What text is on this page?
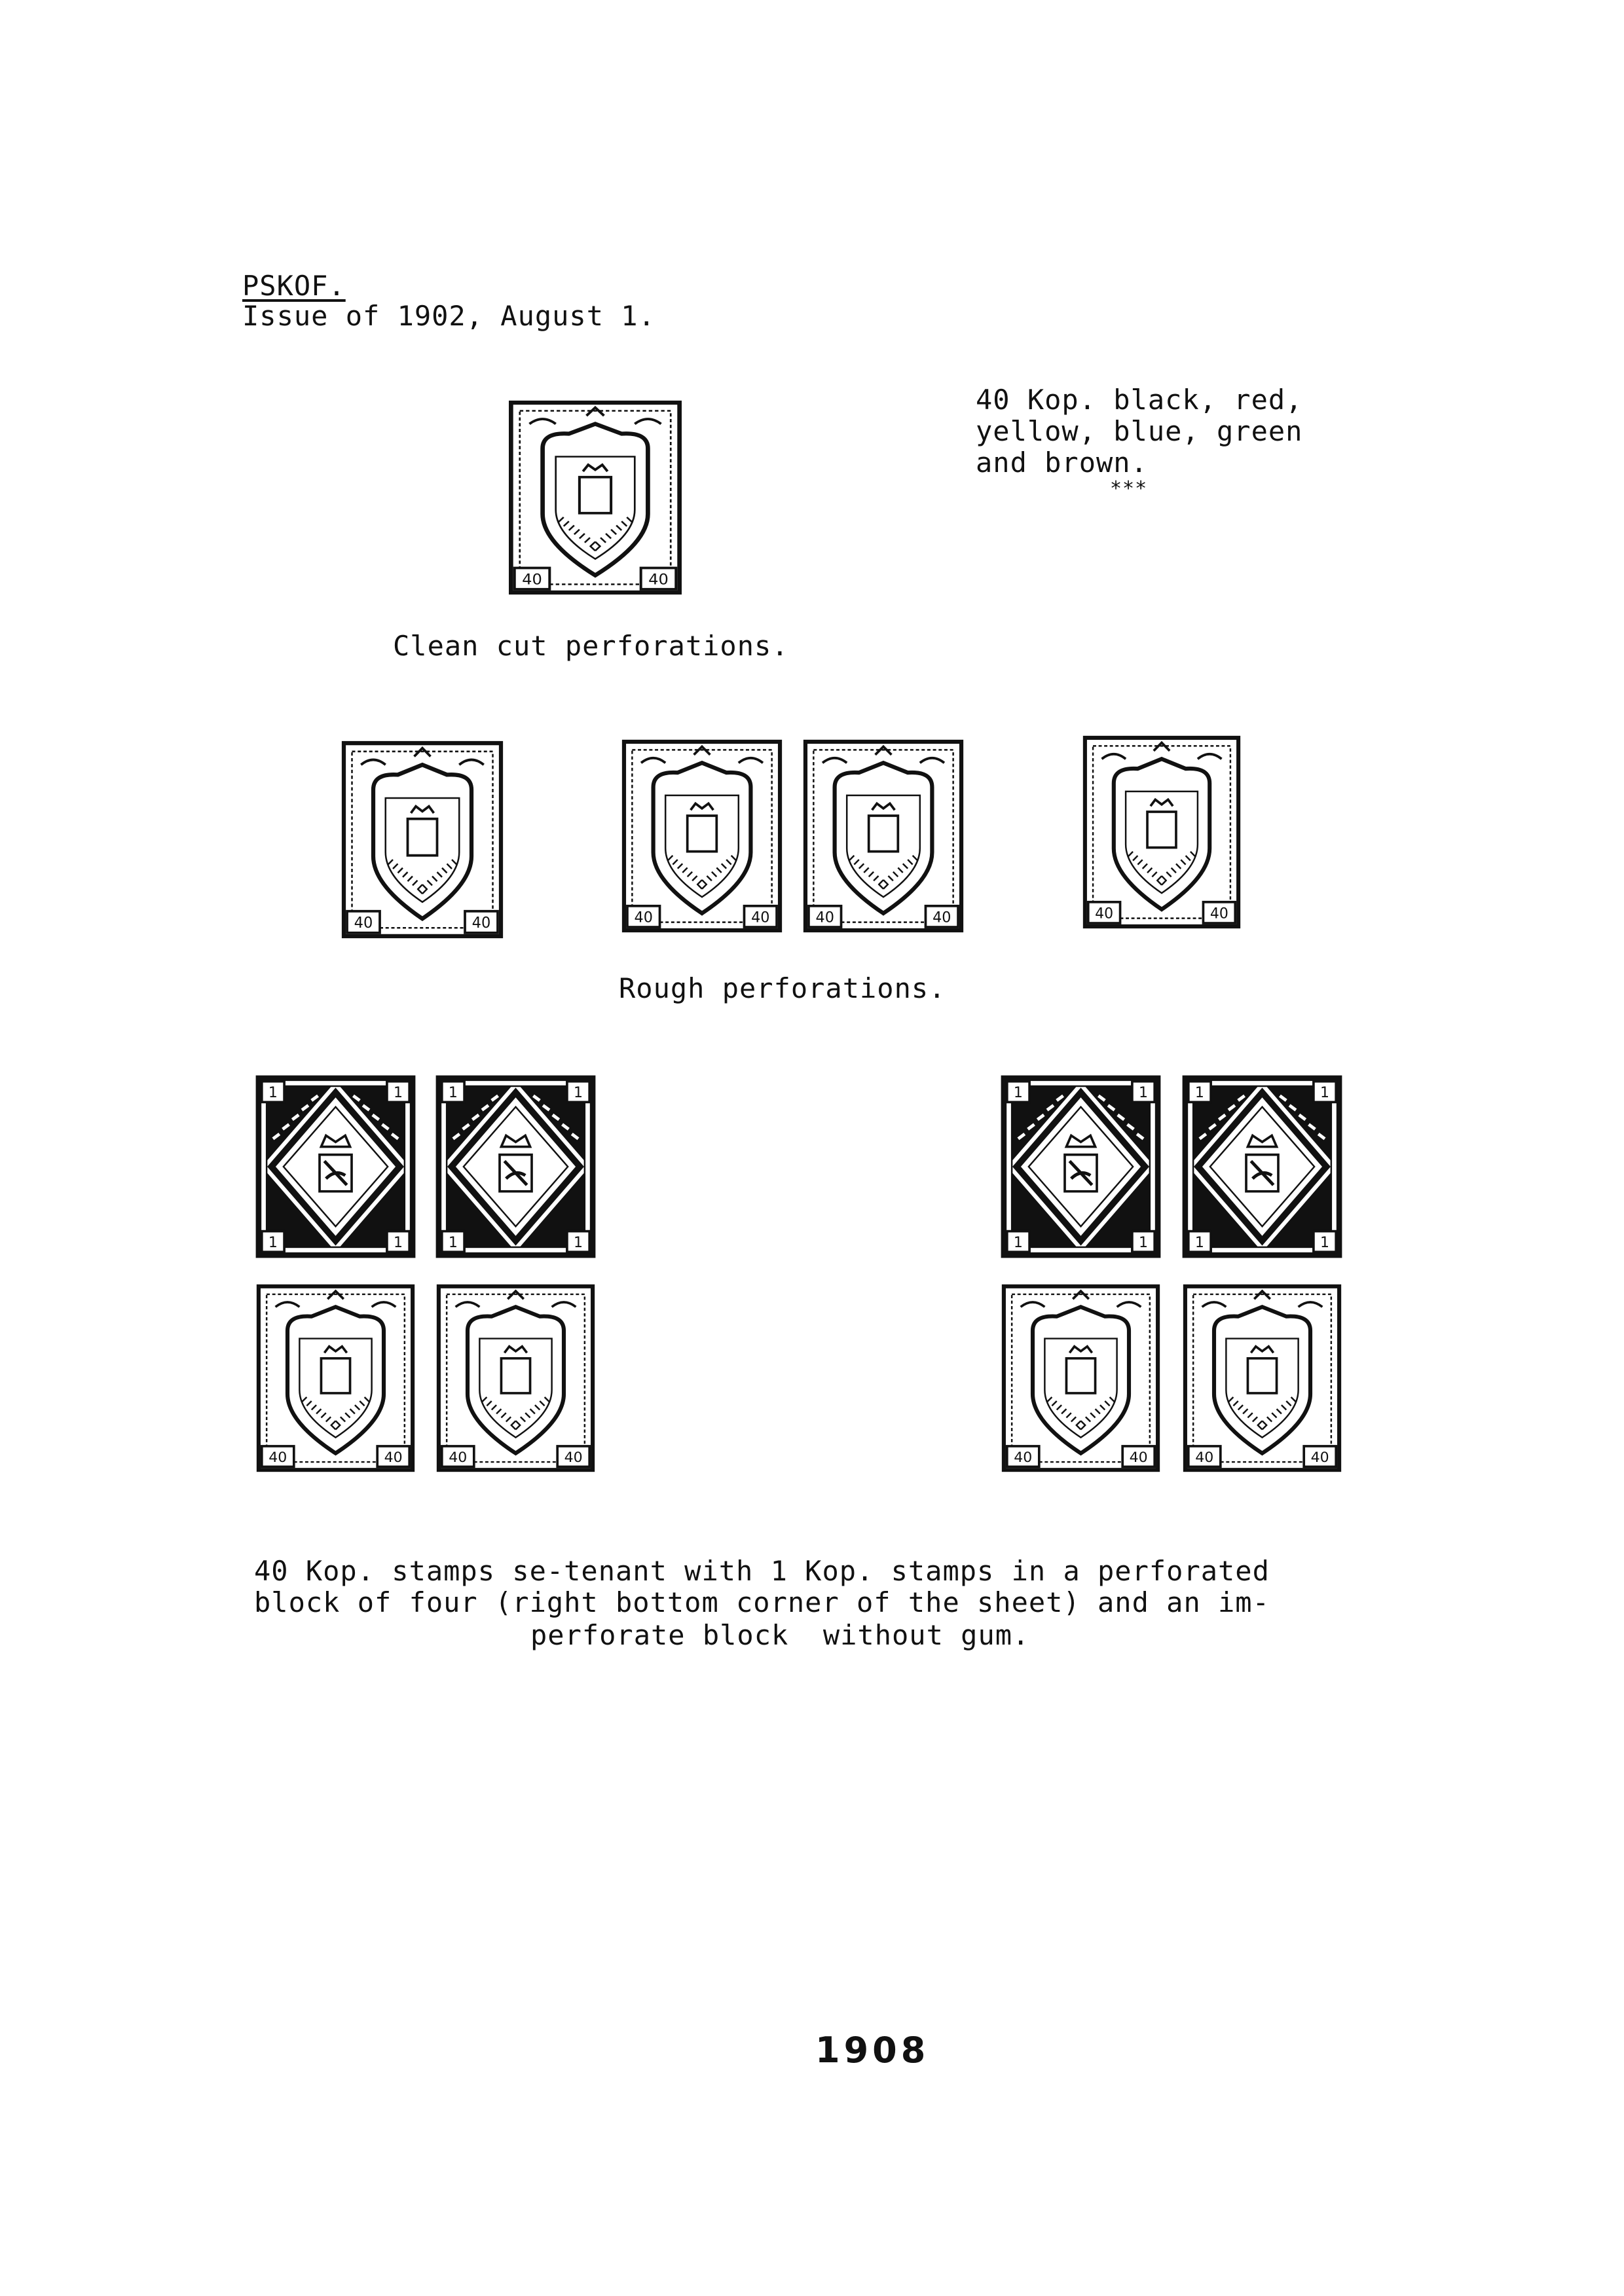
PSKOF.
Issue of 1902, August 1.
40 Kop. black, red,
yellow, blue, green
and brown.
***
40	40
Clean cut perforations.
40	40	40	40	40	40	40	40
Rough perforations.
1	1
1	1
1	1
1	1
40	40	40	40
1	1
1	1
1	1
1	1
40	40	40	40
40 Kop. stamps se-tenant with 1 Kop. stamps in a perforated
block of four (right bottom corner of the sheet) and an im-
perforate block  without gum.
1908
